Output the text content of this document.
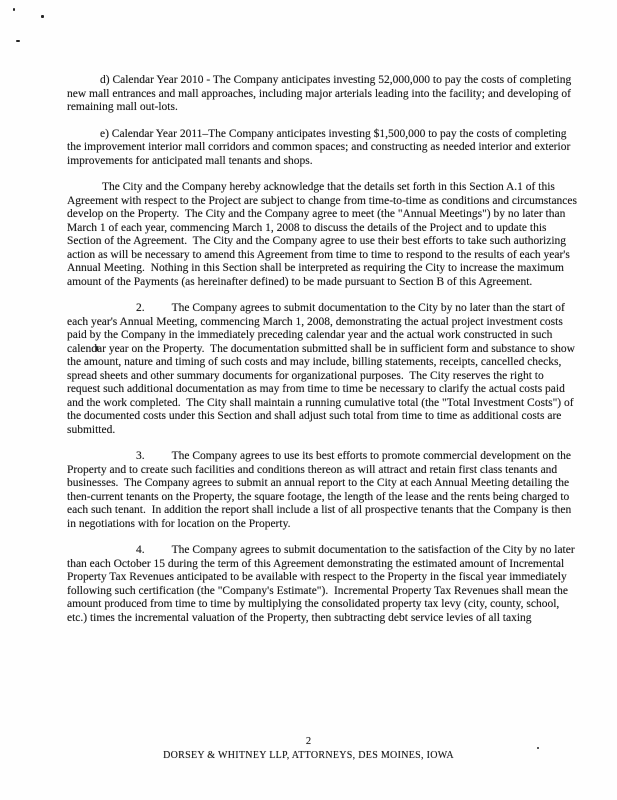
d) Calendar Year 2010 - The Company anticipates investing 52,000,000 to pay the costs of completing new mall entrances and mall approaches, including major arterials leading into the facility; and developing of remaining mall out-lots.

e) Calendar Year 2011–The Company anticipates investing $1,500,000 to pay the costs of completing the improvement interior mall corridors and common spaces; and constructing as needed interior and exterior improvements for anticipated mall tenants and shops.

The City and the Company hereby acknowledge that the details set forth in this Section A.1 of this Agreement with respect to the Project are subject to change from time-to-time as conditions and circumstances develop on the Property.  The City and the Company agree to meet (the "Annual Meetings") by no later than March 1 of each year, commencing March 1, 2008 to discuss the details of the Project and to update this Section of the Agreement.  The City and the Company agree to use their best efforts to take such authorizing action as will be necessary to amend this Agreement from time to time to respond to the results of each year's Annual Meeting.  Nothing in this Section shall be interpreted as requiring the City to increase the maximum amount of the Payments (as hereinafter defined) to be made pursuant to Section B of this Agreement.

2. The Company agrees to submit documentation to the City by no later than the start of each year's Annual Meeting, commencing March 1, 2008, demonstrating the actual project investment costs paid by the Company in the immediately preceding calendar year and the actual work constructed in such calendar year on the Property.  The documentation submitted shall be in sufficient form and substance to show the amount, nature and timing of such costs and may include, billing statements, receipts, cancelled checks, spread sheets and other summary documents for organizational purposes.  The City reserves the right to request such additional documentation as may from time to time be necessary to clarify the actual costs paid and the work completed.  The City shall maintain a running cumulative total (the "Total Investment Costs") of the documented costs under this Section and shall adjust such total from time to time as additional costs are submitted.

3. The Company agrees to use its best efforts to promote commercial development on the Property and to create such facilities and conditions thereon as will attract and retain first class tenants and businesses.  The Company agrees to submit an annual report to the City at each Annual Meeting detailing the then-current tenants on the Property, the square footage, the length of the lease and the rents being charged to each such tenant.  In addition the report shall include a list of all prospective tenants that the Company is then in negotiations with for location on the Property.

4. The Company agrees to submit documentation to the satisfaction of the City by no later than each October 15 during the term of this Agreement demonstrating the estimated amount of Incremental Property Tax Revenues anticipated to be available with respect to the Property in the fiscal year immediately following such certification (the "Company's Estimate").  Incremental Property Tax Revenues shall mean the amount produced from time to time by multiplying the consolidated property tax levy (city, county, school, etc.) times the incremental valuation of the Property, then subtracting debt service levies of all taxing

2
DORSEY & WHITNEY LLP, ATTORNEYS, DES MOINES, IOWA
